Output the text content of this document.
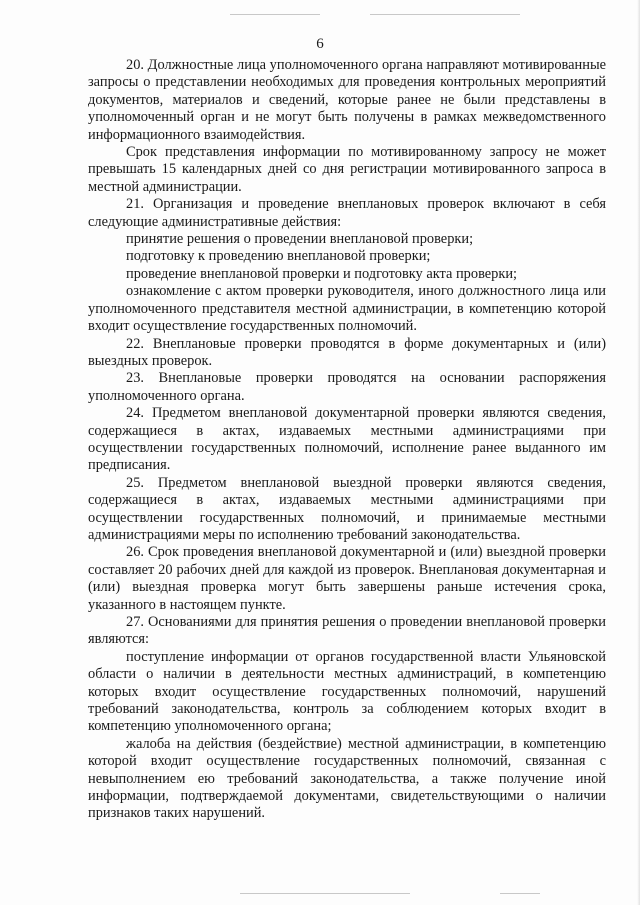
6

20. Должностные лица уполномоченного органа направляют мотивированные запросы о представлении необходимых для проведения контрольных мероприятий документов, материалов и сведений, которые ранее не были представлены в уполномоченный орган и не могут быть получены в рамках межведомственного информационного взаимодействия.

Срок представления информации по мотивированному запросу не может превышать 15 календарных дней со дня регистрации мотивированного запроса в местной администрации.

21. Организация и проведение внеплановых проверок включают в себя следующие административные действия:

принятие решения о проведении внеплановой проверки;

подготовку к проведению внеплановой проверки;

проведение внеплановой проверки и подготовку акта проверки;

ознакомление с актом проверки руководителя, иного должностного лица или уполномоченного представителя местной администрации, в компетенцию которой входит осуществление государственных полномочий.

22. Внеплановые проверки проводятся в форме документарных и (или) выездных проверок.

23. Внеплановые проверки проводятся на основании распоряжения уполномоченного органа.

24. Предметом внеплановой документарной проверки являются сведения, содержащиеся в актах, издаваемых местными администрациями при осуществлении государственных полномочий, исполнение ранее выданного им предписания.

25. Предметом внеплановой выездной проверки являются сведения, содержащиеся в актах, издаваемых местными администрациями при осуществлении государственных полномочий, и принимаемые местными администрациями меры по исполнению требований законодательства.

26. Срок проведения внеплановой документарной и (или) выездной проверки составляет 20 рабочих дней для каждой из проверок. Внеплановая документарная и (или) выездная проверка могут быть завершены раньше истечения срока, указанного в настоящем пункте.

27. Основаниями для принятия решения о проведении внеплановой проверки являются:

поступление информации от органов государственной власти Ульяновской области о наличии в деятельности местных администраций, в компетенцию которых входит осуществление государственных полномочий, нарушений требований законодательства, контроль за соблюдением которых входит в компетенцию уполномоченного органа;

жалоба на действия (бездействие) местной администрации, в компетенцию которой входит осуществление государственных полномочий, связанная с невыполнением ею требований законодательства, а также получение иной информации, подтверждаемой документами, свидетельствующими о наличии признаков таких нарушений.
